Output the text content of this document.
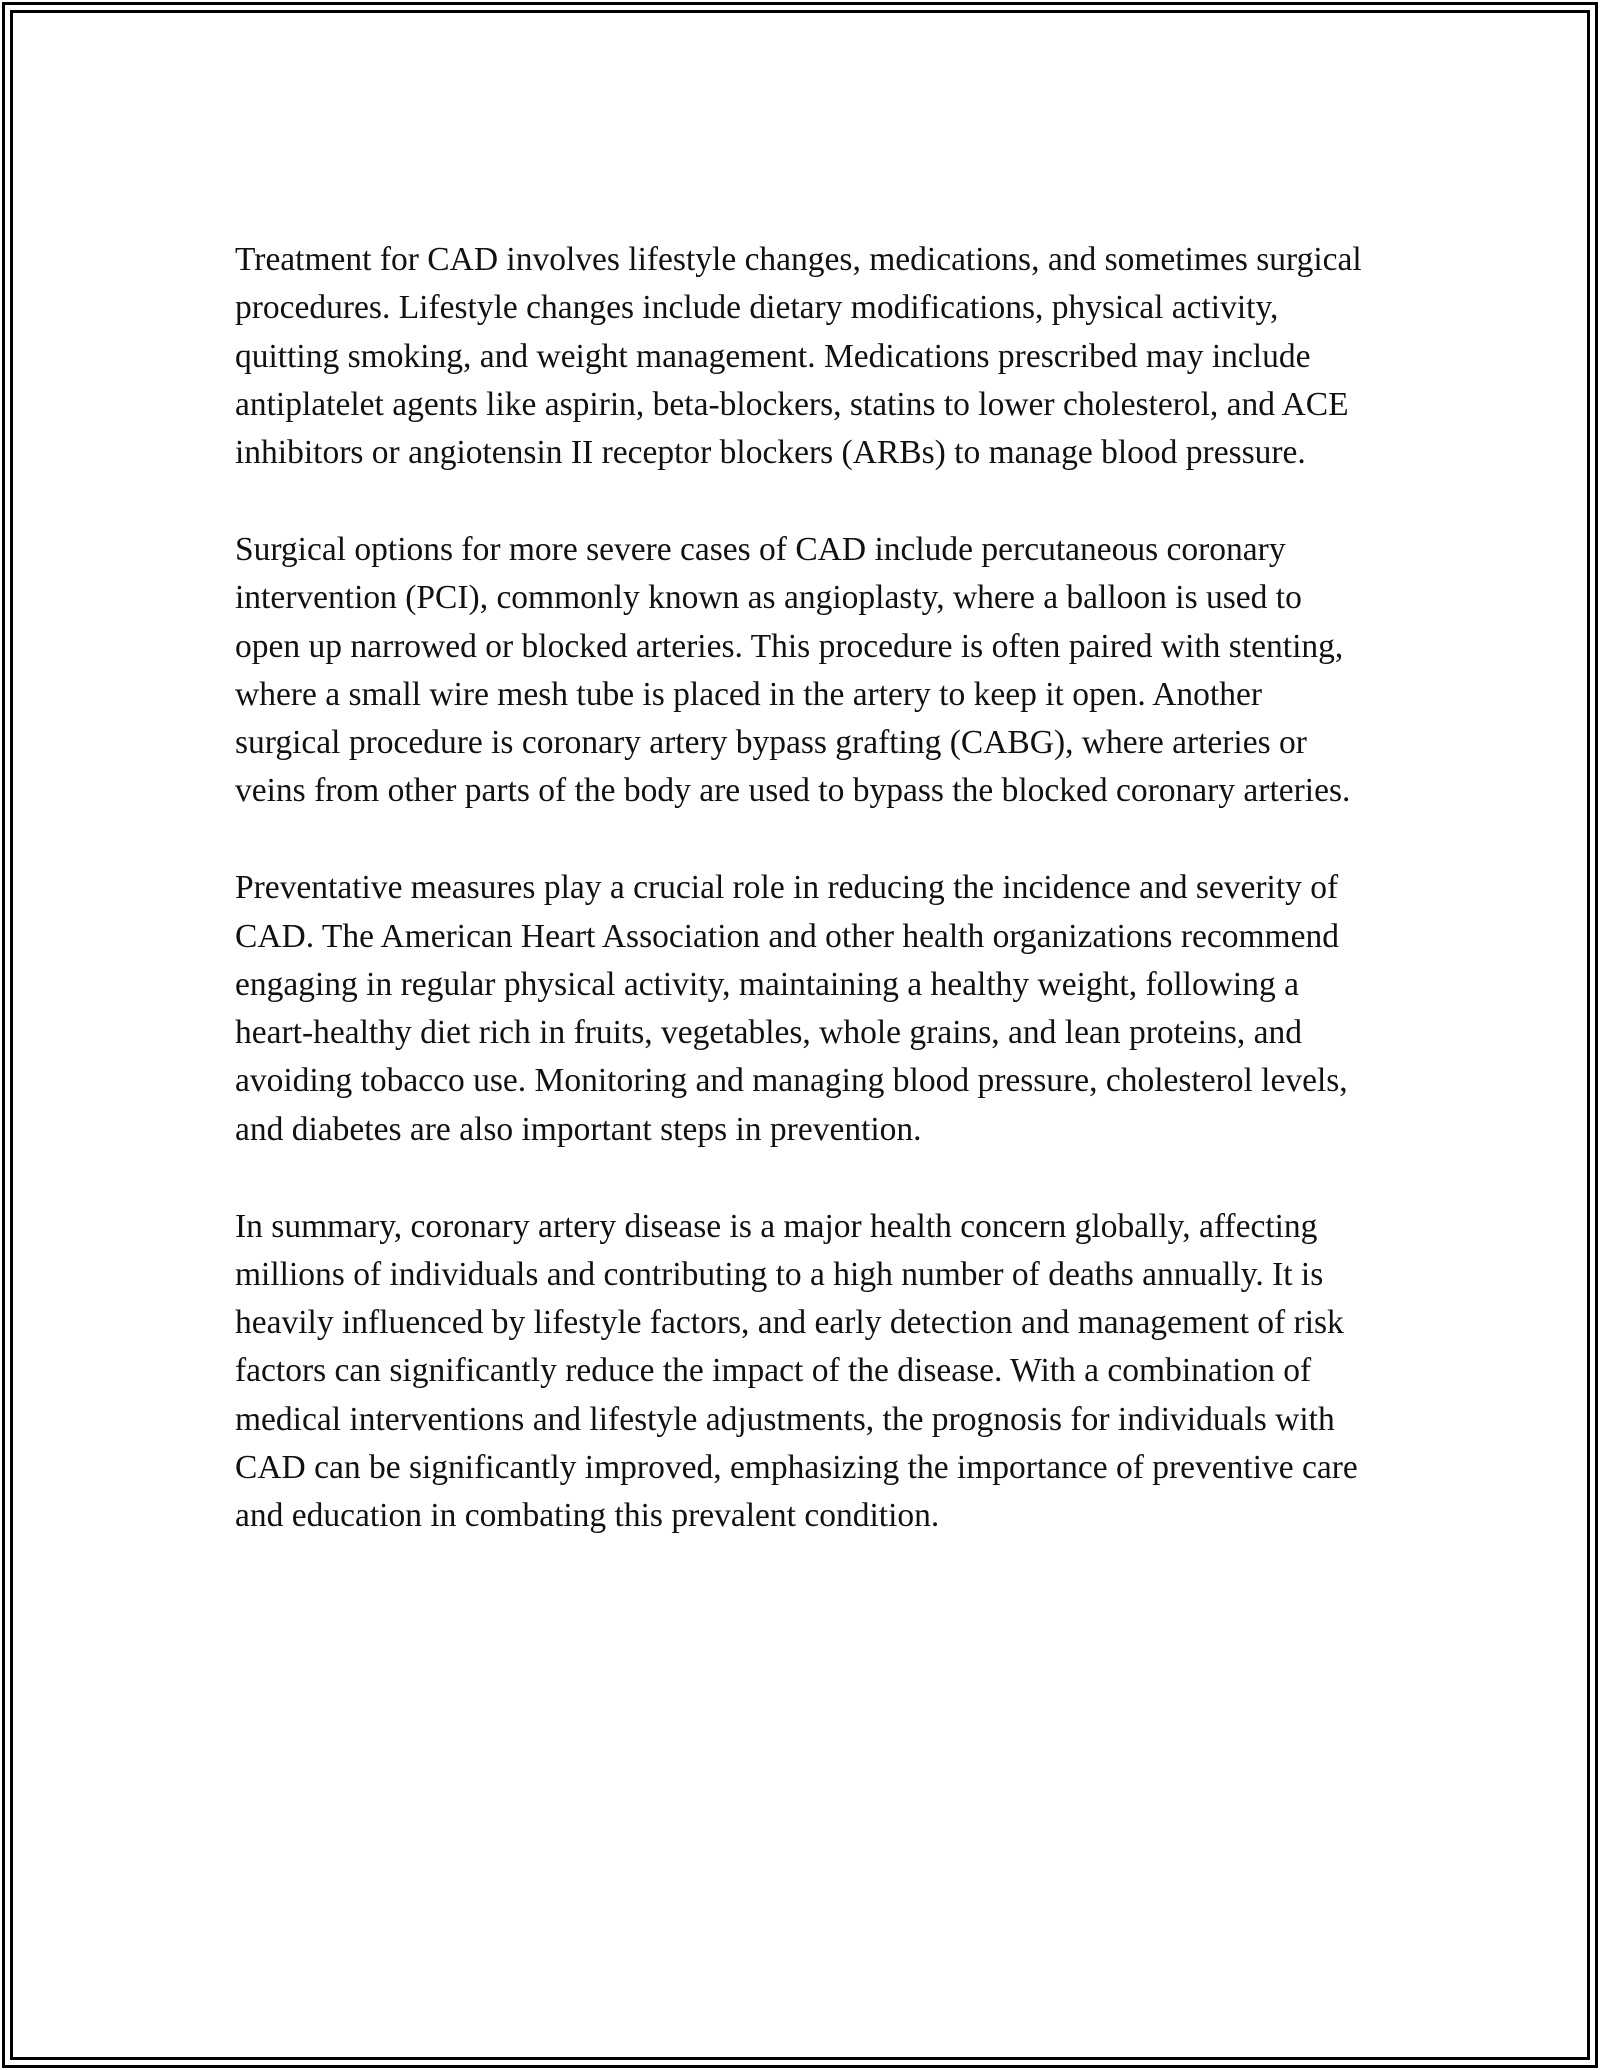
Treatment for CAD involves lifestyle changes, medications, and sometimes surgical procedures. Lifestyle changes include dietary modifications, physical activity, quitting smoking, and weight management. Medications prescribed may include antiplatelet agents like aspirin, beta-blockers, statins to lower cholesterol, and ACE inhibitors or angiotensin II receptor blockers (ARBs) to manage blood pressure.

Surgical options for more severe cases of CAD include percutaneous coronary intervention (PCI), commonly known as angioplasty, where a balloon is used to open up narrowed or blocked arteries. This procedure is often paired with stenting, where a small wire mesh tube is placed in the artery to keep it open. Another surgical procedure is coronary artery bypass grafting (CABG), where arteries or veins from other parts of the body are used to bypass the blocked coronary arteries.

Preventative measures play a crucial role in reducing the incidence and severity of CAD. The American Heart Association and other health organizations recommend engaging in regular physical activity, maintaining a healthy weight, following a heart-healthy diet rich in fruits, vegetables, whole grains, and lean proteins, and avoiding tobacco use. Monitoring and managing blood pressure, cholesterol levels, and diabetes are also important steps in prevention.

In summary, coronary artery disease is a major health concern globally, affecting millions of individuals and contributing to a high number of deaths annually. It is heavily influenced by lifestyle factors, and early detection and management of risk factors can significantly reduce the impact of the disease. With a combination of medical interventions and lifestyle adjustments, the prognosis for individuals with CAD can be significantly improved, emphasizing the importance of preventive care and education in combating this prevalent condition.
